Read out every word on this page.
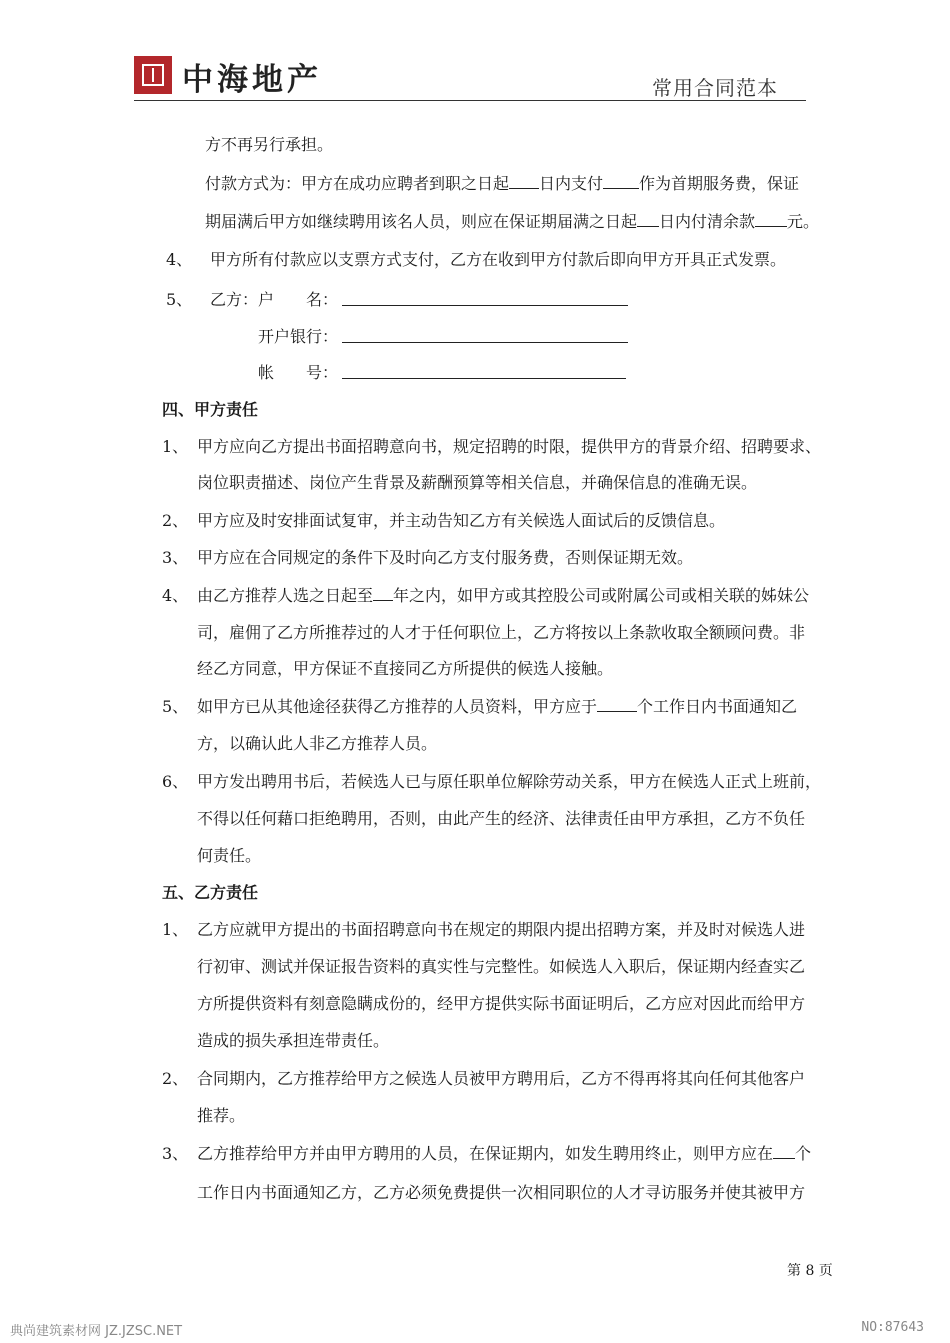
中海地产	常用合同范本
方不再另行承担。
付款方式为：甲方在成功应聘者到职之日起 日内支付 作为首期服务费，保证
期届满后甲方如继续聘用该名人员，则应在保证期届满之日起 日内付清余款 元。
4、 甲方所有付款应以支票方式支付，乙方在收到甲方付款后即向甲方开具正式发票。
5、 乙方：户　　名：
开户银行：
帐　　号：
四、甲方责任
1、 甲方应向乙方提出书面招聘意向书，规定招聘的时限，提供甲方的背景介绍、招聘要求、
岗位职责描述、岗位产生背景及薪酬预算等相关信息，并确保信息的准确无误。
2、 甲方应及时安排面试复审，并主动告知乙方有关候选人面试后的反馈信息。
3、 甲方应在合同规定的条件下及时向乙方支付服务费，否则保证期无效。
4、 由乙方推荐人选之日起至 年之内，如甲方或其控股公司或附属公司或相关联的姊妹公
司，雇佣了乙方所推荐过的人才于任何职位上，乙方将按以上条款收取全额顾问费。非
经乙方同意，甲方保证不直接同乙方所提供的候选人接触。
5、 如甲方已从其他途径获得乙方推荐的人员资料，甲方应于	个工作日内书面通知乙
方，以确认此人非乙方推荐人员。
6、 甲方发出聘用书后，若候选人已与原任职单位解除劳动关系，甲方在候选人正式上班前，
不得以任何藉口拒绝聘用，否则，由此产生的经济、法律责任由甲方承担，乙方不负任
何责任。
五、乙方责任
1、 乙方应就甲方提出的书面招聘意向书在规定的期限内提出招聘方案，并及时对候选人进
行初审、测试并保证报告资料的真实性与完整性。如候选人入职后，保证期内经查实乙
方所提供资料有刻意隐瞒成份的，经甲方提供实际书面证明后，乙方应对因此而给甲方
造成的损失承担连带责任。
2、 合同期内，乙方推荐给甲方之候选人员被甲方聘用后，乙方不得再将其向任何其他客户
推荐。
3、 乙方推荐给甲方并由甲方聘用的人员，在保证期内，如发生聘用终止，则甲方应在 个
工作日内书面通知乙方，乙方必须免费提供一次相同职位的人才寻访服务并使其被甲方
第 8 页
典尚建筑素材网 JZ.JZSC.NET	NO:87643
